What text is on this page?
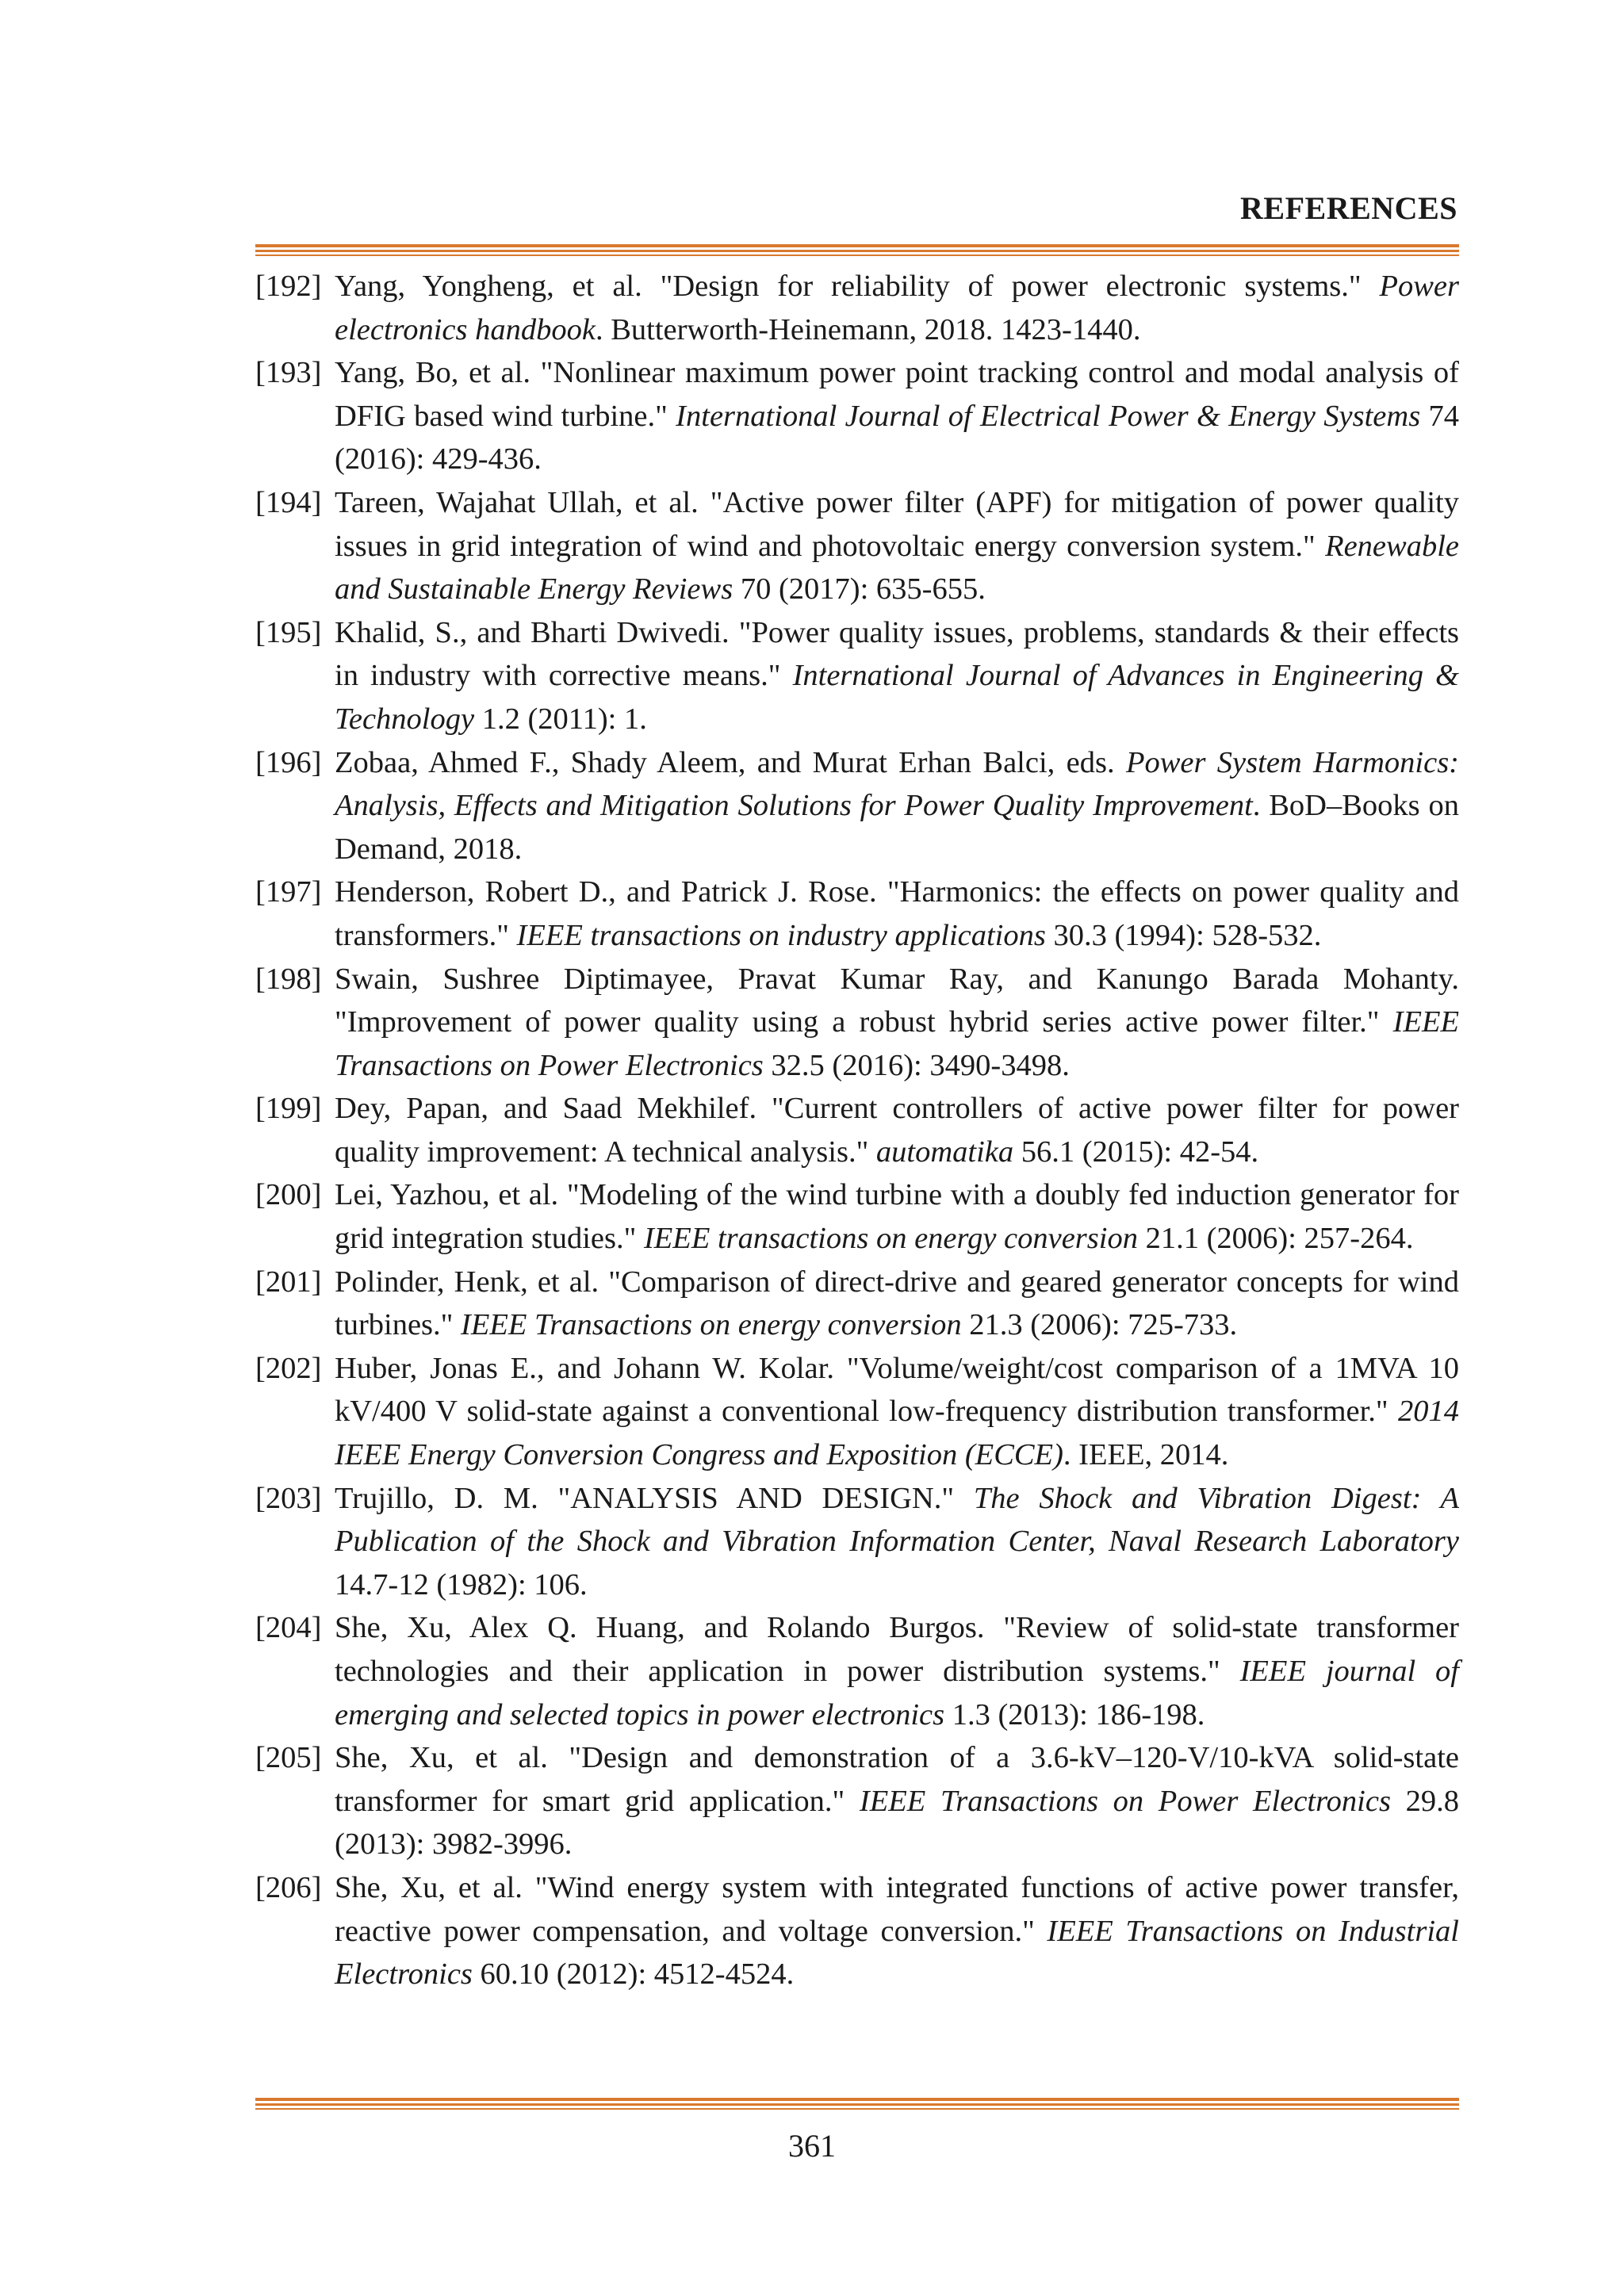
REFERENCES
[192] Yang, Yongheng, et al. "Design for reliability of power electronic systems." Power electronics handbook. Butterworth-Heinemann, 2018. 1423-1440.
[193] Yang, Bo, et al. "Nonlinear maximum power point tracking control and modal analysis of DFIG based wind turbine." International Journal of Electrical Power & Energy Systems 74 (2016): 429-436.
[194] Tareen, Wajahat Ullah, et al. "Active power filter (APF) for mitigation of power quality issues in grid integration of wind and photovoltaic energy conversion system." Renewable and Sustainable Energy Reviews 70 (2017): 635-655.
[195] Khalid, S., and Bharti Dwivedi. "Power quality issues, problems, standards & their effects in industry with corrective means." International Journal of Advances in Engineering & Technology 1.2 (2011): 1.
[196] Zobaa, Ahmed F., Shady Aleem, and Murat Erhan Balci, eds. Power System Harmonics: Analysis, Effects and Mitigation Solutions for Power Quality Improvement. BoD–Books on Demand, 2018.
[197] Henderson, Robert D., and Patrick J. Rose. "Harmonics: the effects on power quality and transformers." IEEE transactions on industry applications 30.3 (1994): 528-532.
[198] Swain, Sushree Diptimayee, Pravat Kumar Ray, and Kanungo Barada Mohanty. "Improvement of power quality using a robust hybrid series active power filter." IEEE Transactions on Power Electronics 32.5 (2016): 3490-3498.
[199] Dey, Papan, and Saad Mekhilef. "Current controllers of active power filter for power quality improvement: A technical analysis." automatika 56.1 (2015): 42-54.
[200] Lei, Yazhou, et al. "Modeling of the wind turbine with a doubly fed induction generator for grid integration studies." IEEE transactions on energy conversion 21.1 (2006): 257-264.
[201] Polinder, Henk, et al. "Comparison of direct-drive and geared generator concepts for wind turbines." IEEE Transactions on energy conversion 21.3 (2006): 725-733.
[202] Huber, Jonas E., and Johann W. Kolar. "Volume/weight/cost comparison of a 1MVA 10 kV/400 V solid-state against a conventional low-frequency distribution transformer." 2014 IEEE Energy Conversion Congress and Exposition (ECCE). IEEE, 2014.
[203] Trujillo, D. M. "ANALYSIS AND DESIGN." The Shock and Vibration Digest: A Publication of the Shock and Vibration Information Center, Naval Research Laboratory 14.7-12 (1982): 106.
[204] She, Xu, Alex Q. Huang, and Rolando Burgos. "Review of solid-state transformer technologies and their application in power distribution systems." IEEE journal of emerging and selected topics in power electronics 1.3 (2013): 186-198.
[205] She, Xu, et al. "Design and demonstration of a 3.6-kV–120-V/10-kVA solid-state transformer for smart grid application." IEEE Transactions on Power Electronics 29.8 (2013): 3982-3996.
[206] She, Xu, et al. "Wind energy system with integrated functions of active power transfer, reactive power compensation, and voltage conversion." IEEE Transactions on Industrial Electronics 60.10 (2012): 4512-4524.
361
